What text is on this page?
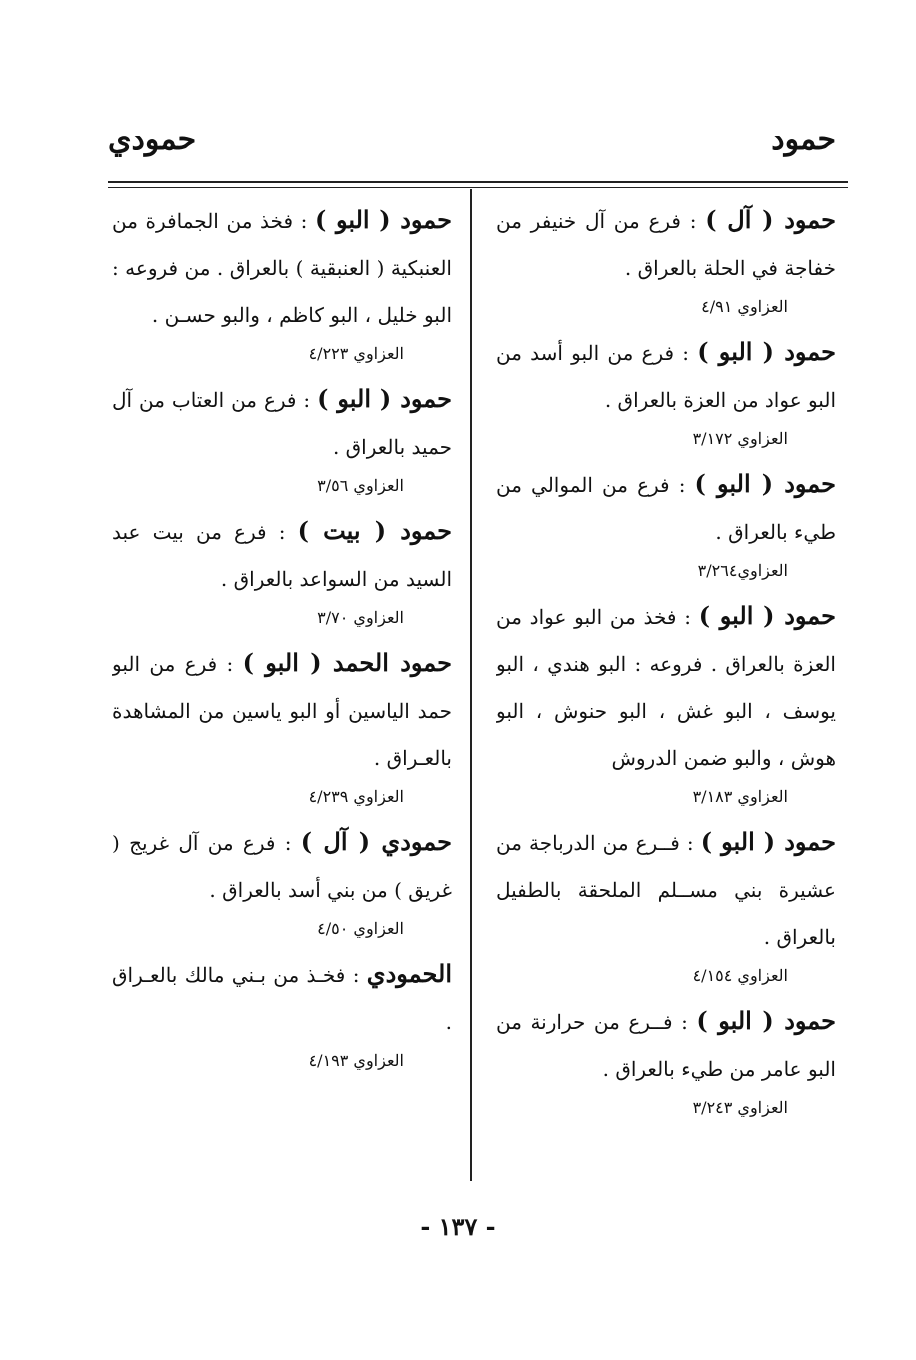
حمود
حمودي
حمود ( آل ) : فرع من آل خنيفر من خفاجة في الحلة بالعراق .
العزاوي ٤/٩١
حمود ( البو ) : فرع من البو أسد من البو عواد من العزة بالعراق .
العزاوي ٣/١٧٢
حمود ( البو ) : فرع من الموالي من طيء بالعراق .
العزاوي٣/٢٦٤
حمود ( البو ) : فخذ من البو عواد من العزة بالعراق . فروعه : البو هندي ، البو يوسف ، البو غش ، البو حنوش ، البو هوش ، والبو ضمن الدروش
العزاوي ٣/١٨٣
حمود ( البو ) : فــرع من الدرباجة من عشيرة بني مســلم الملحقة بالطفيل بالعراق .
العزاوي ٤/١٥٤
حمود ( البو ) : فــرع من حرارنة من البو عامر من طيء بالعراق .
العزاوي ٣/٢٤٣
حمود ( البو ) : فخذ من الجمافرة من العنبكية ( العنبقية ) بالعراق . من فروعه : البو خليل ، البو كاظم ، والبو حسـن .
العزاوي ٤/٢٢٣
حمود ( البو ) : فرع من العتاب من آل حميد بالعراق .
العزاوي ٣/٥٦
حمود ( بيت ) : فرع من بيت عبد السيد من السواعد بالعراق .
العزاوي ٣/٧٠
حمود الحمد ( البو ) : فرع من البو حمد الياسين أو البو ياسين من المشاهدة بالعـراق .
العزاوي ٤/٢٣٩
حمودي ( آل ) : فرع من آل غريج ( غريق ) من بني أسد بالعراق .
العزاوي ٤/٥٠
الحمودي : فخـذ من بـني مالك بالعـراق .
العزاوي ٤/١٩٣
- ١٣٧ -
